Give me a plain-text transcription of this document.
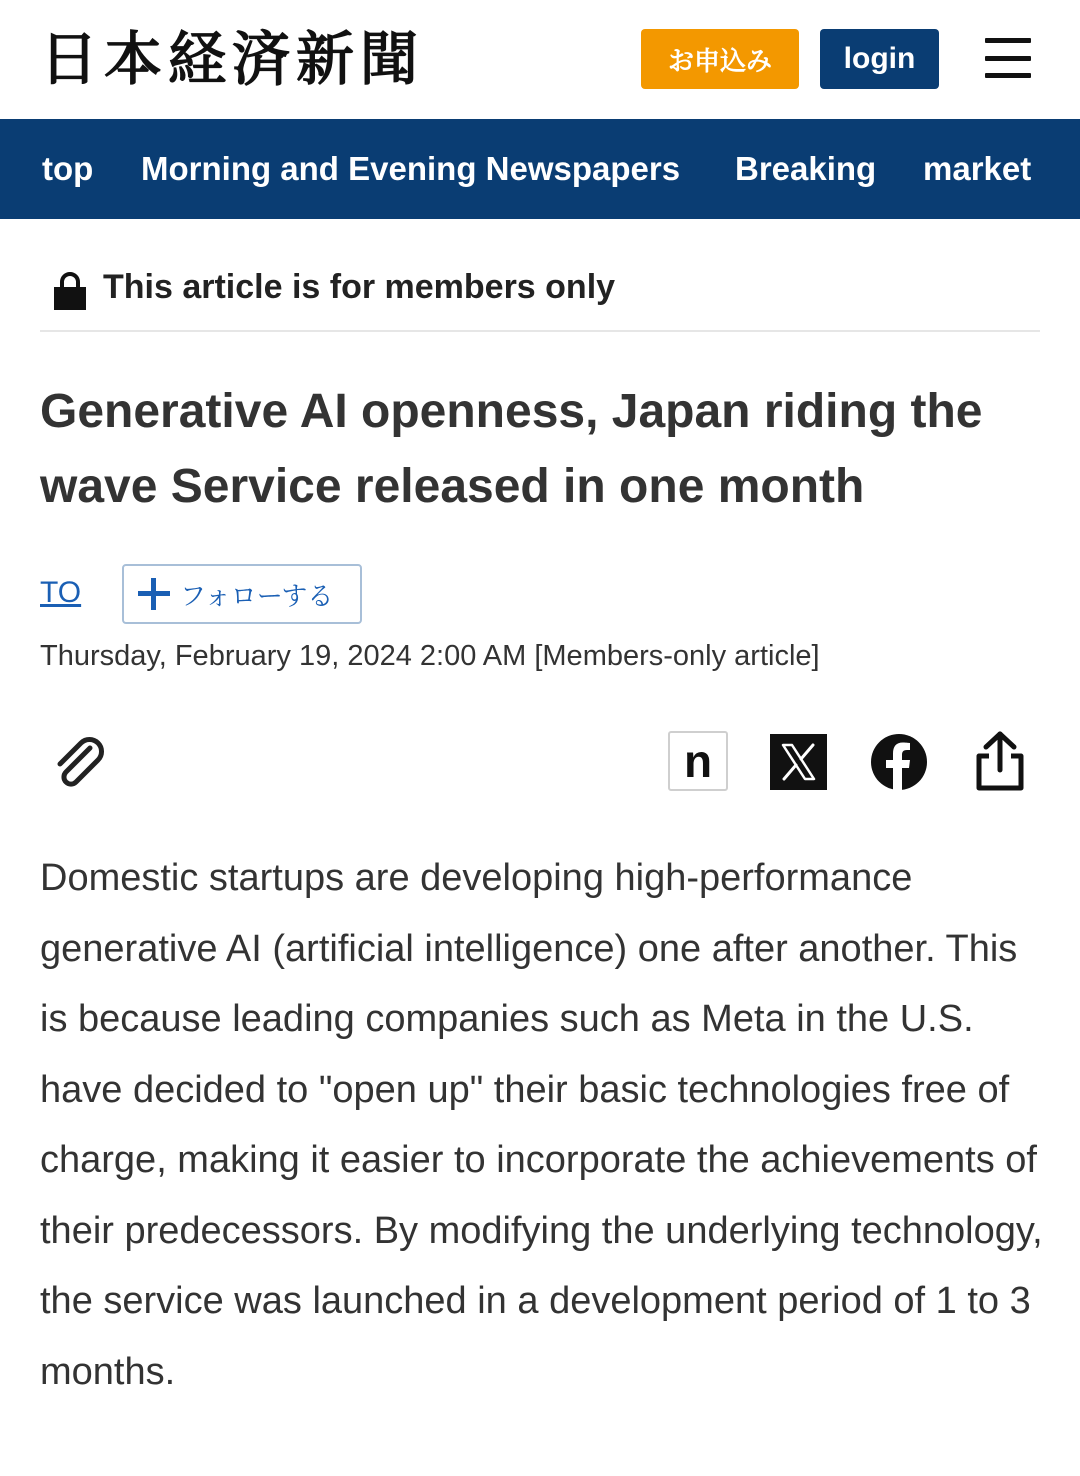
日本経済新聞	お申込み	login
top Morning and Evening Newspapers Breaking market
This article is for members only
Generative AI openness, Japan riding the wave Service released in one month
TO	フォローする
Thursday, February 19, 2024 2:00 AM [Members-only article]
n

Domestic startups are developing high-performance generative AI (artificial intelligence) one after another. This is because leading companies such as Meta in the U.S. have decided to "open up" their basic technologies free of charge, making it easier to incorporate the achievements of their predecessors. By modifying the underlying technology, the service was launched in a development period of 1 to 3 months.
